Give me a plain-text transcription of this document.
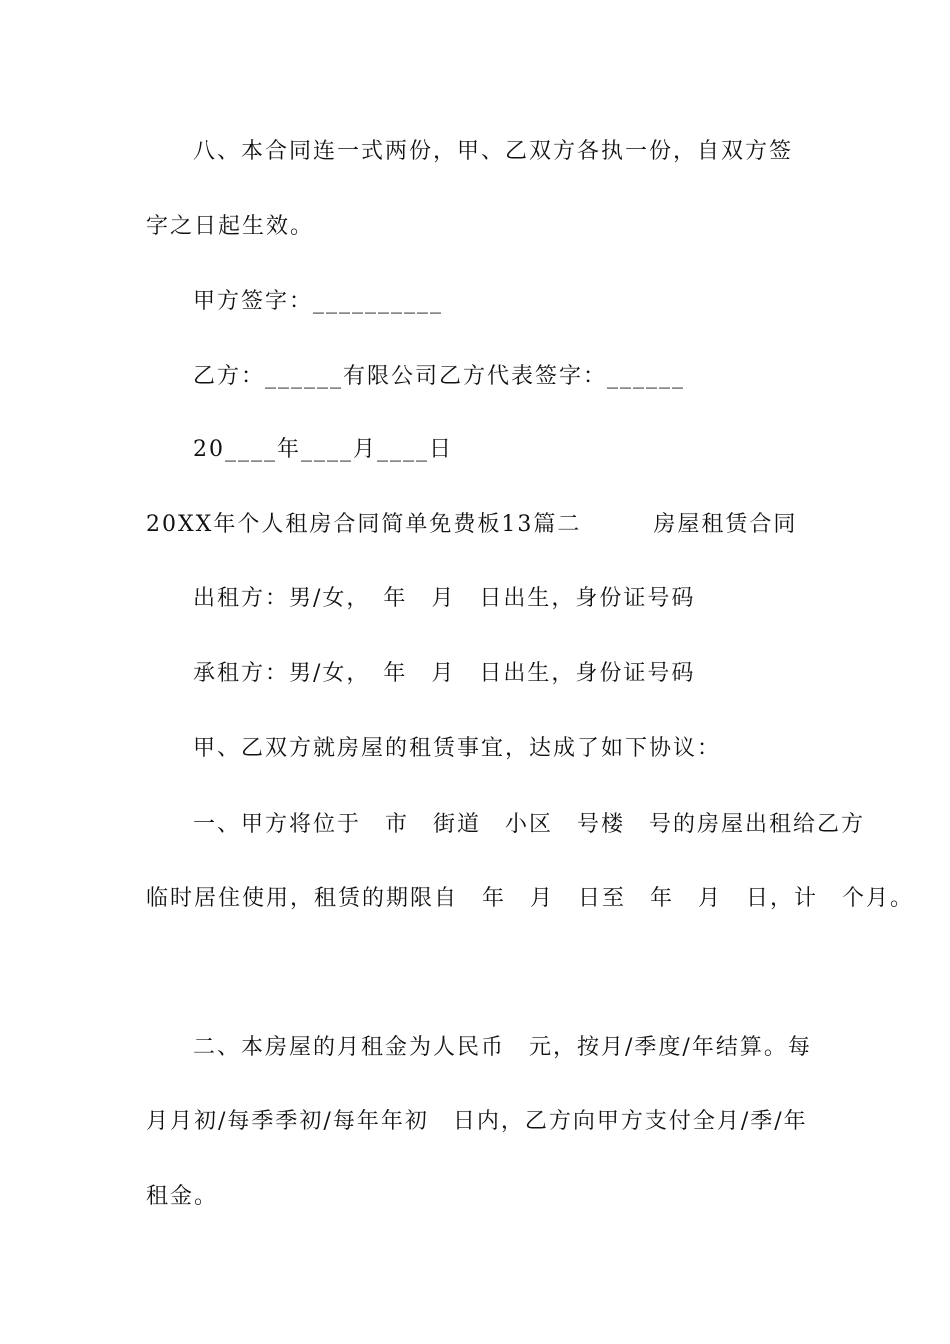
八、本合同连一式两份，甲、乙双方各执一份，自双方签
字之日起生效。
甲方签字：__________
乙方：______有限公司乙方代表签字：______
20____年____月____日
20XX年个人租房合同简单免费板13篇二　　　房屋租赁合同
出租方：男/女，　年　月　日出生，身份证号码
承租方：男/女，　年　月　日出生，身份证号码
甲、乙双方就房屋的租赁事宜，达成了如下协议：
一、甲方将位于　市　街道　小区　号楼　号的房屋出租给乙方
临时居住使用，租赁的期限自　年　月　日至　年　月　日，计　个月。
二、本房屋的月租金为人民币　元，按月/季度/年结算。每
月月初/每季季初/每年年初　日内，乙方向甲方支付全月/季/年
租金。
